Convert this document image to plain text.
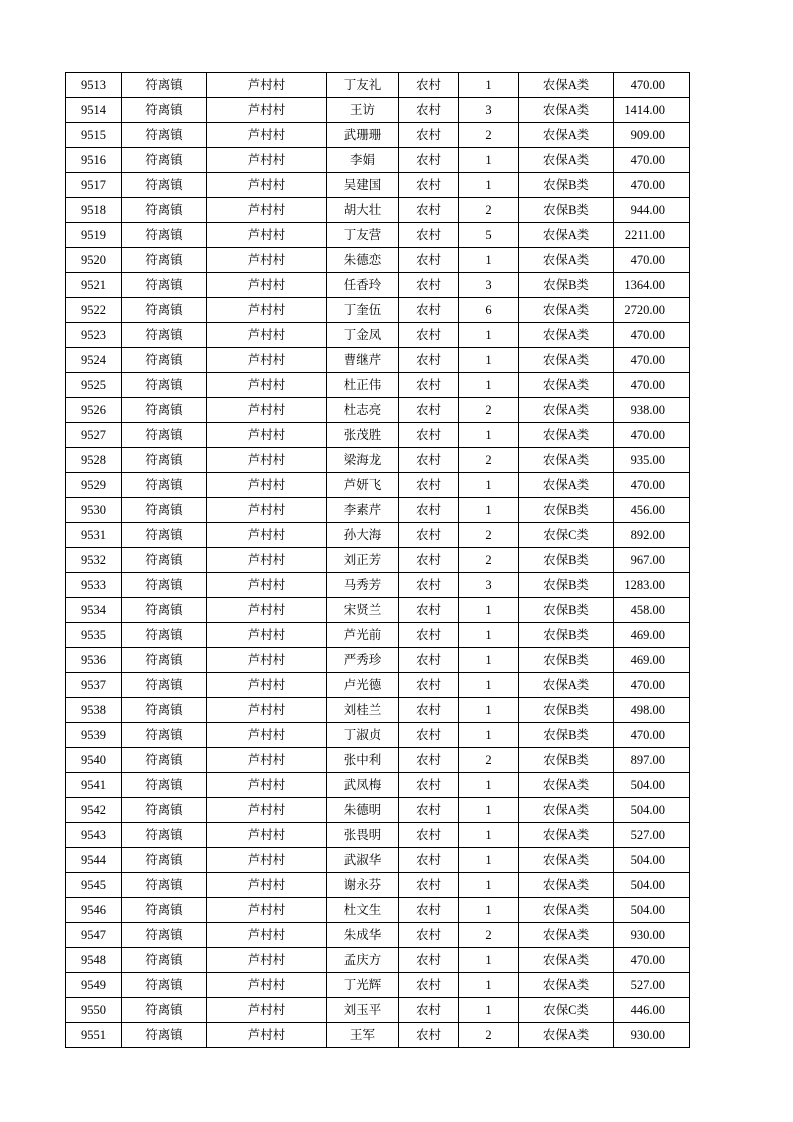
9513	符离镇	芦村村	丁友礼	农村	1	农保A类	470.00
9514	符离镇	芦村村	王访	农村	3	农保A类	1414.00
9515	符离镇	芦村村	武珊珊	农村	2	农保A类	909.00
9516	符离镇	芦村村	李娟	农村	1	农保A类	470.00
9517	符离镇	芦村村	吴建国	农村	1	农保B类	470.00
9518	符离镇	芦村村	胡大壮	农村	2	农保B类	944.00
9519	符离镇	芦村村	丁友营	农村	5	农保A类	2211.00
9520	符离镇	芦村村	朱德恋	农村	1	农保A类	470.00
9521	符离镇	芦村村	任香玲	农村	3	农保B类	1364.00
9522	符离镇	芦村村	丁奎伍	农村	6	农保A类	2720.00
9523	符离镇	芦村村	丁金凤	农村	1	农保A类	470.00
9524	符离镇	芦村村	曹继芹	农村	1	农保A类	470.00
9525	符离镇	芦村村	杜正伟	农村	1	农保A类	470.00
9526	符离镇	芦村村	杜志亮	农村	2	农保A类	938.00
9527	符离镇	芦村村	张茂胜	农村	1	农保A类	470.00
9528	符离镇	芦村村	梁海龙	农村	2	农保A类	935.00
9529	符离镇	芦村村	芦妍飞	农村	1	农保A类	470.00
9530	符离镇	芦村村	李素芹	农村	1	农保B类	456.00
9531	符离镇	芦村村	孙大海	农村	2	农保C类	892.00
9532	符离镇	芦村村	刘正芳	农村	2	农保B类	967.00
9533	符离镇	芦村村	马秀芳	农村	3	农保B类	1283.00
9534	符离镇	芦村村	宋贤兰	农村	1	农保B类	458.00
9535	符离镇	芦村村	芦光前	农村	1	农保B类	469.00
9536	符离镇	芦村村	严秀珍	农村	1	农保B类	469.00
9537	符离镇	芦村村	卢光德	农村	1	农保A类	470.00
9538	符离镇	芦村村	刘桂兰	农村	1	农保B类	498.00
9539	符离镇	芦村村	丁淑贞	农村	1	农保B类	470.00
9540	符离镇	芦村村	张中利	农村	2	农保B类	897.00
9541	符离镇	芦村村	武凤梅	农村	1	农保A类	504.00
9542	符离镇	芦村村	朱德明	农村	1	农保A类	504.00
9543	符离镇	芦村村	张畏明	农村	1	农保A类	527.00
9544	符离镇	芦村村	武淑华	农村	1	农保A类	504.00
9545	符离镇	芦村村	谢永芬	农村	1	农保A类	504.00
9546	符离镇	芦村村	杜文生	农村	1	农保A类	504.00
9547	符离镇	芦村村	朱成华	农村	2	农保A类	930.00
9548	符离镇	芦村村	孟庆方	农村	1	农保A类	470.00
9549	符离镇	芦村村	丁光辉	农村	1	农保A类	527.00
9550	符离镇	芦村村	刘玉平	农村	1	农保C类	446.00
9551	符离镇	芦村村	王军	农村	2	农保A类	930.00
